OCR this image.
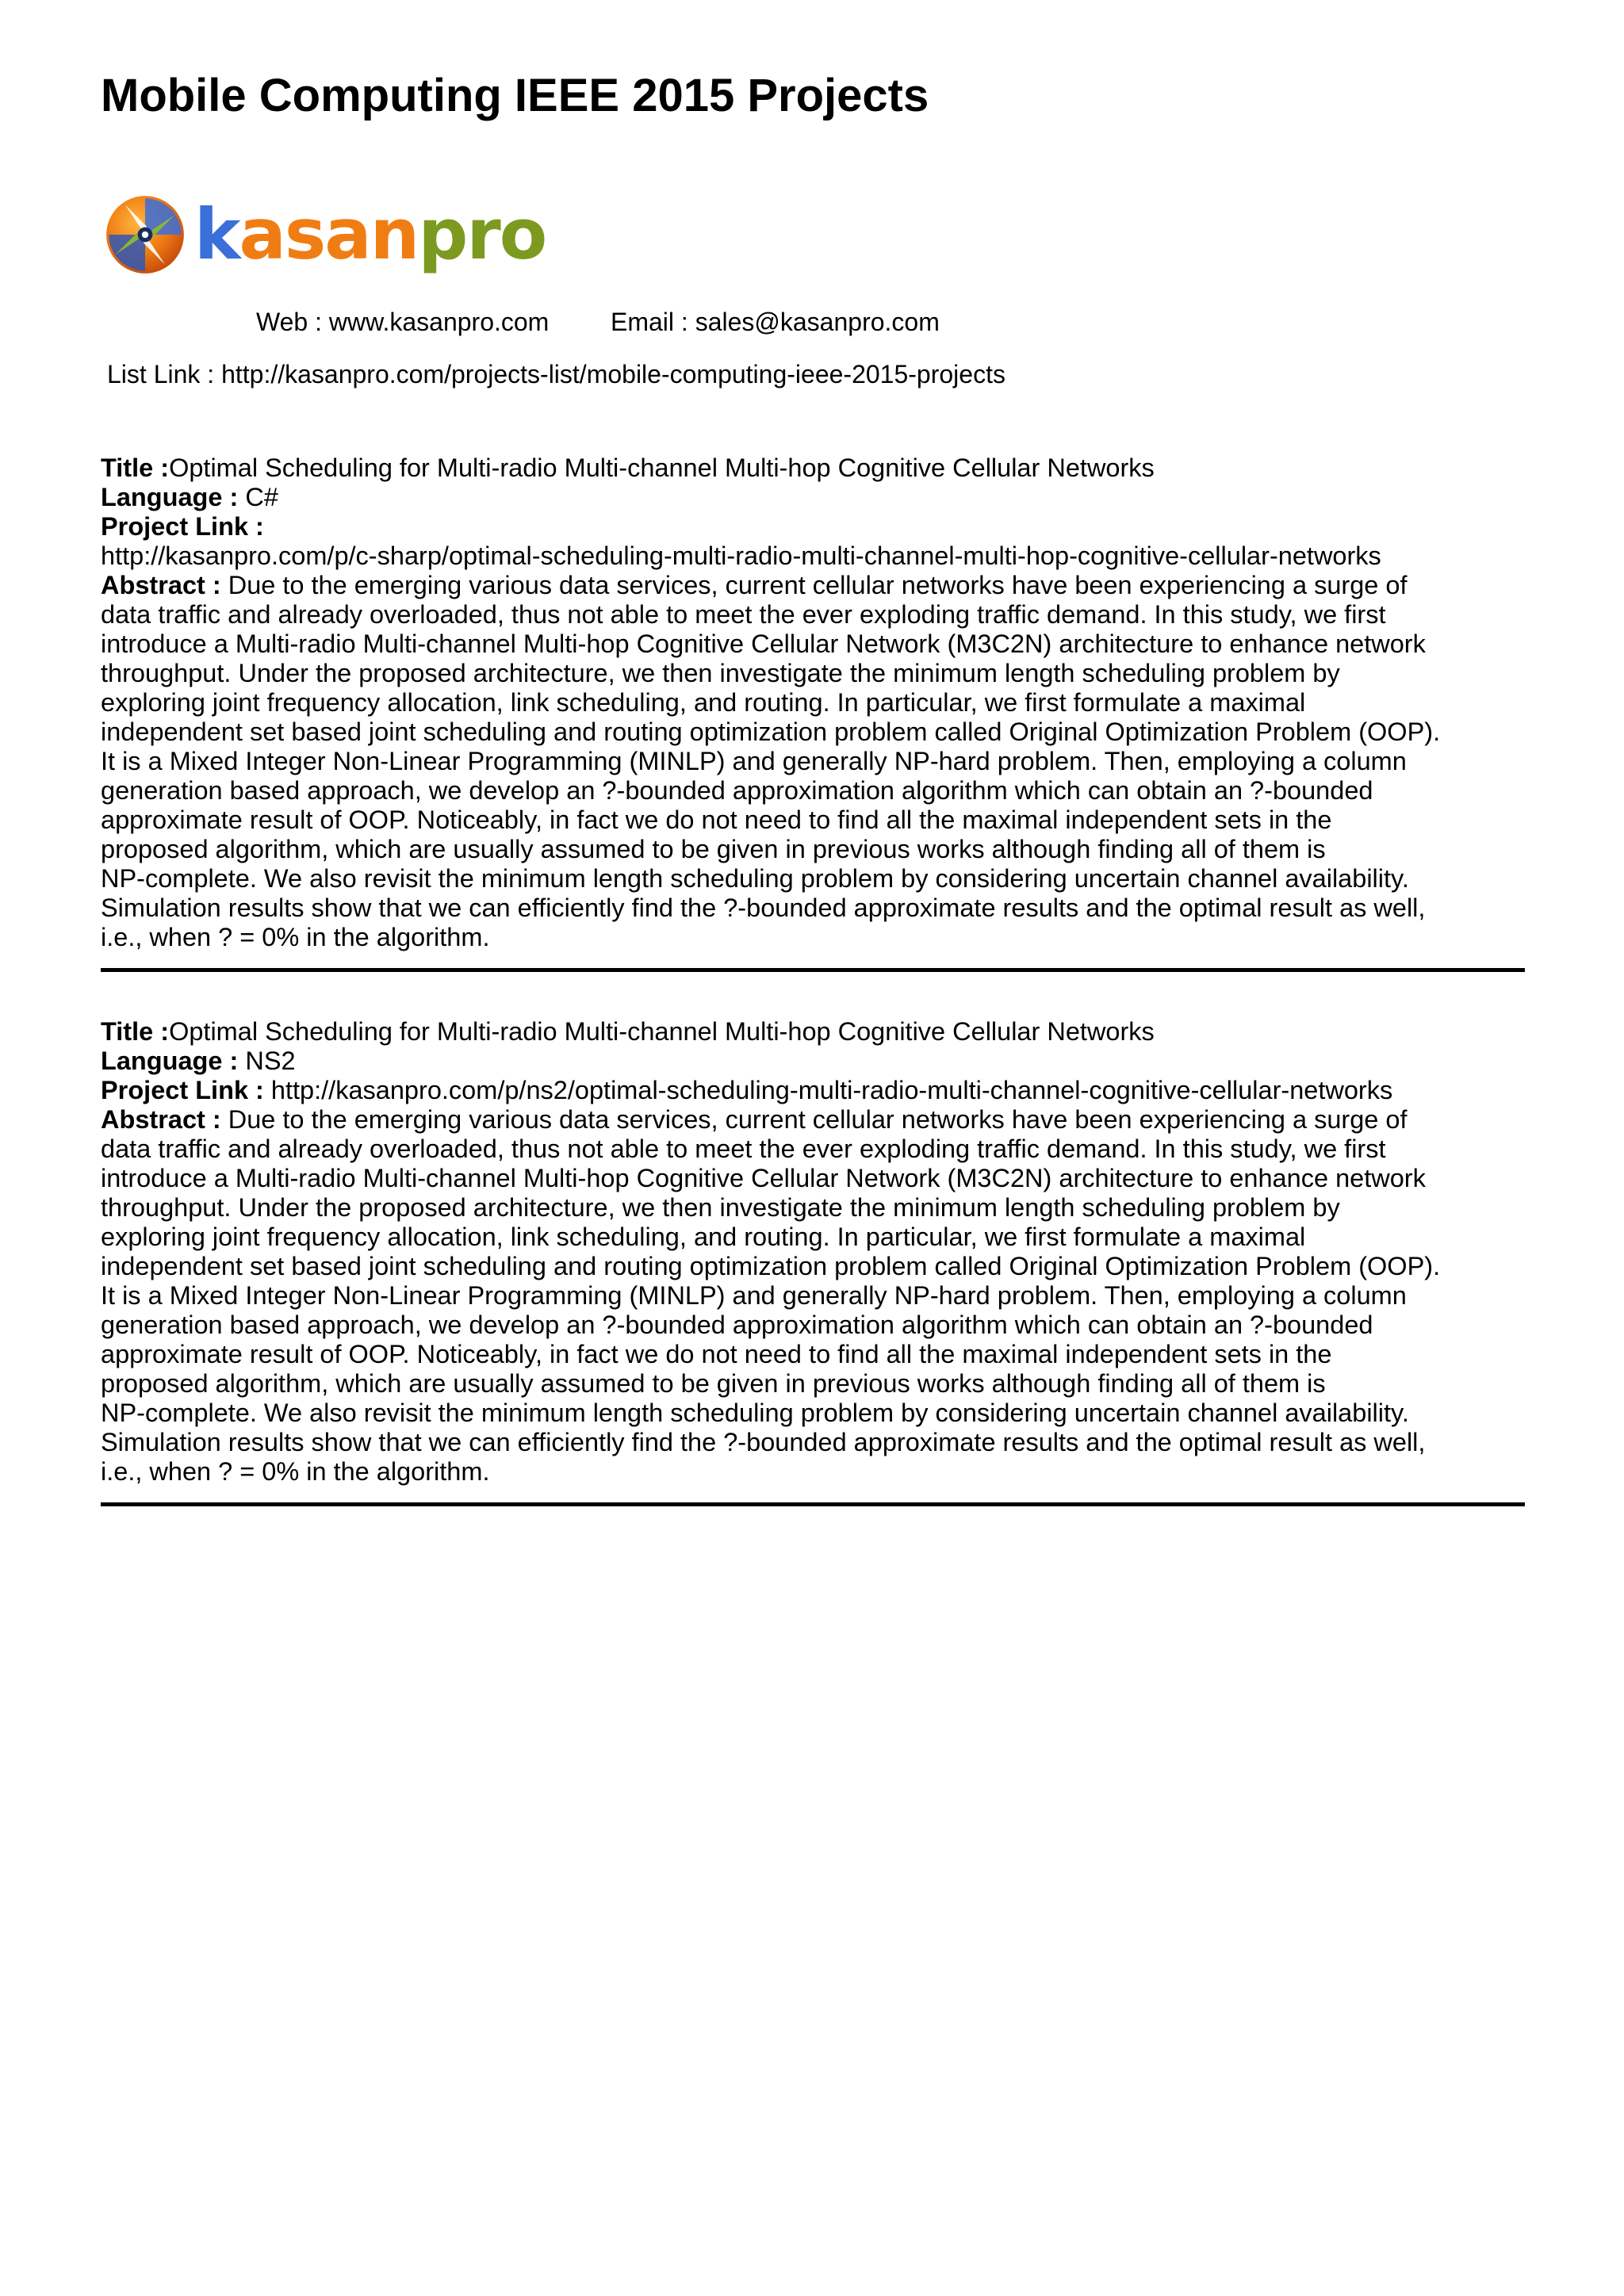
Mobile Computing IEEE 2015 Projects
kasanpro
Web : www.kasanpro.com Email : sales@kasanpro.com
List Link : http://kasanpro.com/projects-list/mobile-computing-ieee-2015-projects
Title :Optimal Scheduling for Multi-radio Multi-channel Multi-hop Cognitive Cellular Networks
Language : C#
Project Link :
http://kasanpro.com/p/c-sharp/optimal-scheduling-multi-radio-multi-channel-multi-hop-cognitive-cellular-networks
Abstract : Due to the emerging various data services, current cellular networks have been experiencing a surge of
data traffic and already overloaded, thus not able to meet the ever exploding traffic demand. In this study, we first
introduce a Multi-radio Multi-channel Multi-hop Cognitive Cellular Network (M3C2N) architecture to enhance network
throughput. Under the proposed architecture, we then investigate the minimum length scheduling problem by
exploring joint frequency allocation, link scheduling, and routing. In particular, we first formulate a maximal
independent set based joint scheduling and routing optimization problem called Original Optimization Problem (OOP).
It is a Mixed Integer Non-Linear Programming (MINLP) and generally NP-hard problem. Then, employing a column
generation based approach, we develop an ?-bounded approximation algorithm which can obtain an ?-bounded
approximate result of OOP. Noticeably, in fact we do not need to find all the maximal independent sets in the
proposed algorithm, which are usually assumed to be given in previous works although finding all of them is
NP-complete. We also revisit the minimum length scheduling problem by considering uncertain channel availability.
Simulation results show that we can efficiently find the ?-bounded approximate results and the optimal result as well,
i.e., when ? = 0% in the algorithm.
Title :Optimal Scheduling for Multi-radio Multi-channel Multi-hop Cognitive Cellular Networks
Language : NS2
Project Link : http://kasanpro.com/p/ns2/optimal-scheduling-multi-radio-multi-channel-cognitive-cellular-networks
Abstract : Due to the emerging various data services, current cellular networks have been experiencing a surge of
data traffic and already overloaded, thus not able to meet the ever exploding traffic demand. In this study, we first
introduce a Multi-radio Multi-channel Multi-hop Cognitive Cellular Network (M3C2N) architecture to enhance network
throughput. Under the proposed architecture, we then investigate the minimum length scheduling problem by
exploring joint frequency allocation, link scheduling, and routing. In particular, we first formulate a maximal
independent set based joint scheduling and routing optimization problem called Original Optimization Problem (OOP).
It is a Mixed Integer Non-Linear Programming (MINLP) and generally NP-hard problem. Then, employing a column
generation based approach, we develop an ?-bounded approximation algorithm which can obtain an ?-bounded
approximate result of OOP. Noticeably, in fact we do not need to find all the maximal independent sets in the
proposed algorithm, which are usually assumed to be given in previous works although finding all of them is
NP-complete. We also revisit the minimum length scheduling problem by considering uncertain channel availability.
Simulation results show that we can efficiently find the ?-bounded approximate results and the optimal result as well,
i.e., when ? = 0% in the algorithm.
